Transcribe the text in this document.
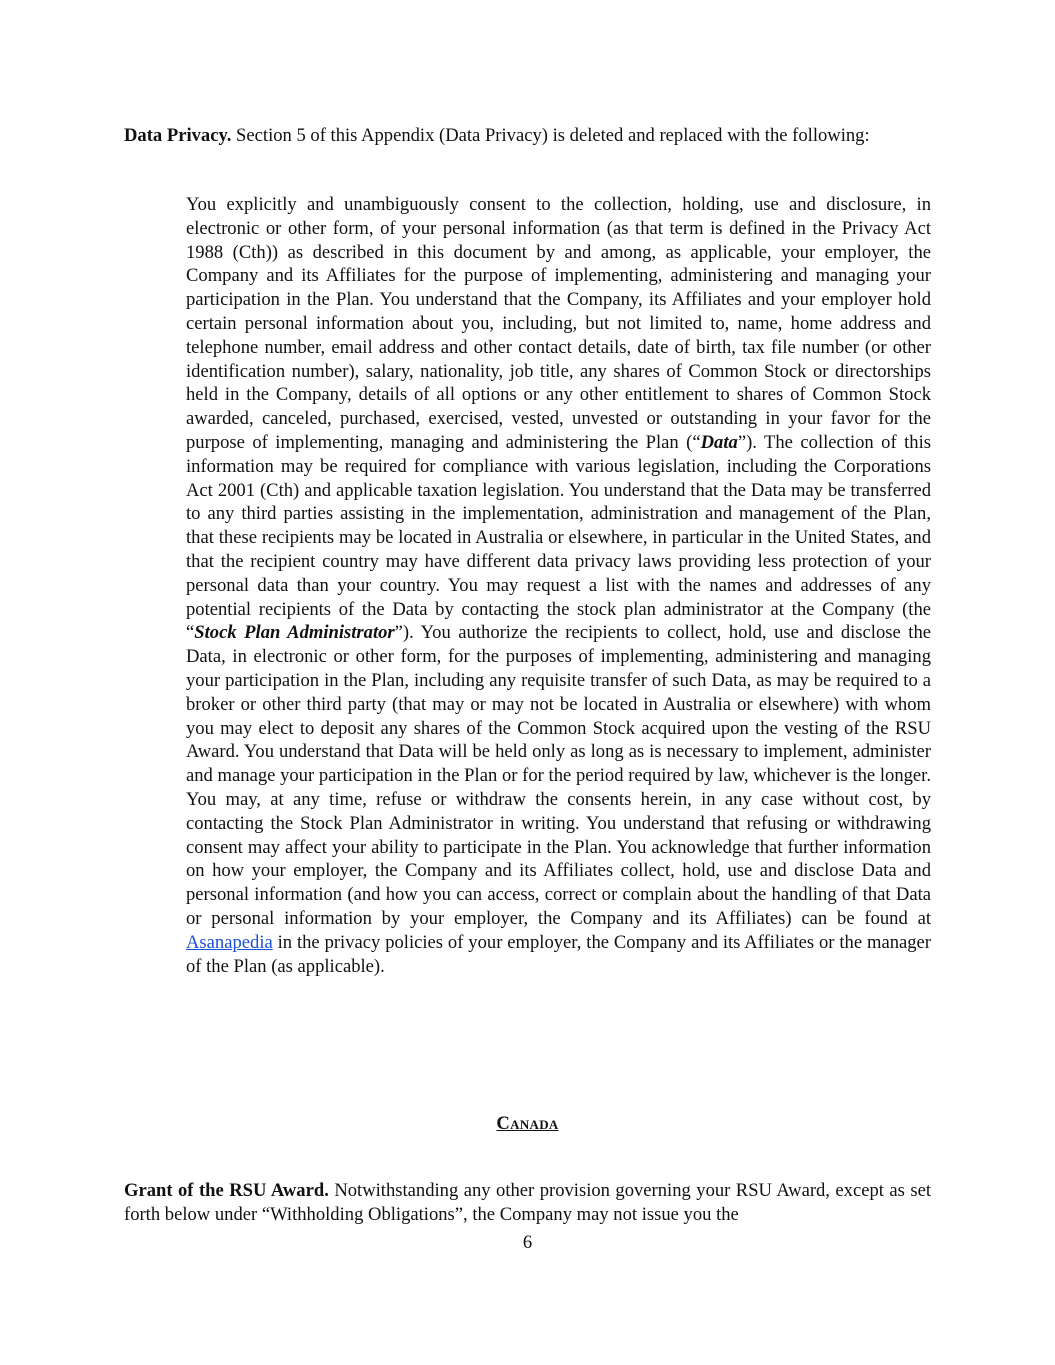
Data Privacy. Section 5 of this Appendix (Data Privacy) is deleted and replaced with the following:

You explicitly and unambiguously consent to the collection, holding, use and disclosure, in electronic or other form, of your personal information (as that term is defined in the Privacy Act 1988 (Cth)) as described in this document by and among, as applicable, your employer, the Company and its Affiliates for the purpose of implementing, administering and managing your participation in the Plan. You understand that the Company, its Affiliates and your employer hold certain personal information about you, including, but not limited to, name, home address and telephone number, email address and other contact details, date of birth, tax file number (or other identification number), salary, nationality, job title, any shares of Common Stock or directorships held in the Company, details of all options or any other entitlement to shares of Common Stock awarded, canceled, purchased, exercised, vested, unvested or outstanding in your favor for the purpose of implementing, managing and administering the Plan (“Data”). The collection of this information may be required for compliance with various legislation, including the Corporations Act 2001 (Cth) and applicable taxation legislation. You understand that the Data may be transferred to any third parties assisting in the implementation, administration and management of the Plan, that these recipients may be located in Australia or elsewhere, in particular in the United States, and that the recipient country may have different data privacy laws providing less protection of your personal data than your country. You may request a list with the names and addresses of any potential recipients of the Data by contacting the stock plan administrator at the Company (the “Stock Plan Administrator”). You authorize the recipients to collect, hold, use and disclose the Data, in electronic or other form, for the purposes of implementing, administering and managing your participation in the Plan, including any requisite transfer of such Data, as may be required to a broker or other third party (that may or may not be located in Australia or elsewhere) with whom you may elect to deposit any shares of the Common Stock acquired upon the vesting of the RSU Award. You understand that Data will be held only as long as is necessary to implement, administer and manage your participation in the Plan or for the period required by law, whichever is the longer. You may, at any time, refuse or withdraw the consents herein, in any case without cost, by contacting the Stock Plan Administrator in writing. You understand that refusing or withdrawing consent may affect your ability to participate in the Plan. You acknowledge that further information on how your employer, the Company and its Affiliates collect, hold, use and disclose Data and personal information (and how you can access, correct or complain about the handling of that Data or personal information by your employer, the Company and its Affiliates) can be found at Asanapedia in the privacy policies of your employer, the Company and its Affiliates or the manager of the Plan (as applicable).

Canada

Grant of the RSU Award. Notwithstanding any other provision governing your RSU Award, except as set forth below under “Withholding Obligations”, the Company may not issue you the

6
